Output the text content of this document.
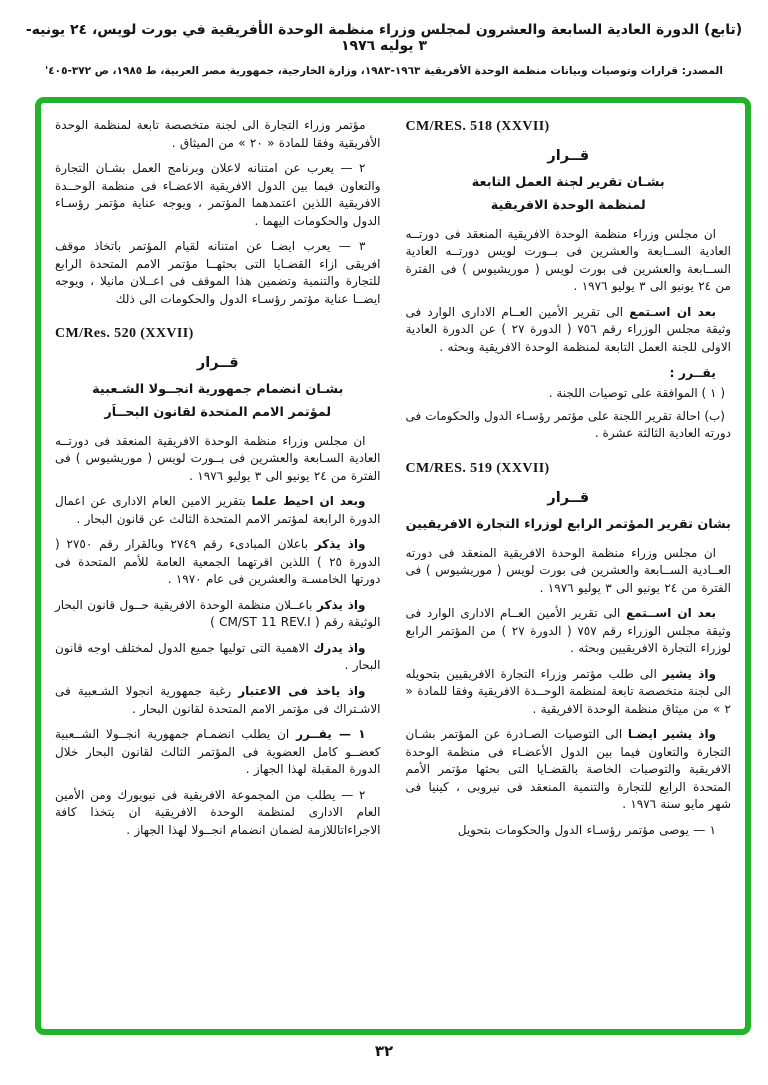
(تابع) الدورة العادية السابعة والعشرون لمجلس وزراء منظمة الوحدة الأفريقية في بورت لويس، ٢٤ يونيه- ٣ يوليه ١٩٧٦
المصدر: قرارات وتوصيات وبيانات منظمة الوحدة الأفريقية ١٩٦٣-١٩٨٣، وزارة الخارجية، جمهورية مصر العربية، ط ١٩٨٥، ص ٣٧٢-٤٠٥'
CM/RES. 518 (XXVII)
قــرار
بشـان تقرير لجنة العمل التابعة
لمنظمة الوحدة الافريقية
ان مجلس وزراء منظمة الوحدة الافريقية المنعقد فى دورتــه العادية الســابعة والعشرين فى بــورت لويس دورتــه العادية الســابعة والعشرين فى بورت لويس ( موريشيوس ) فى الفترة من ٢٤ يونيو الى ٣ يوليو ١٩٧٦ .
بعد ان اسـتمع الى تقرير الأمين العــام الادارى الوارد فى وثيقة مجلس الوزراء رقم ٧٥٦ ( الدورة ٢٧ ) عن الدورة العادية الاولى للجنة العمل التابعة لمنظمة الوحدة الافريقية وبحثه .
يقــرر :
( ١ ) الموافقة على توصيات اللجنة .
(ب) احالة تقرير اللجنة على مؤتمر رؤسـاء الدول والحكومات فى دورته العادية الثالثة عشرة .
CM/RES. 519 (XXVII)
قــرار
بشان تقرير المؤتمر الرابع لوزراء التجارة الافريقيين
ان مجلس وزراء منظمة الوحدة الافريقية المنعقد فى دورته العــادية الســابعة والعشرين فى بورت لويس ( موريشيوس ) فى الفترة من ٢٤ يونيو الى ٣ يوليو ١٩٧٦ .
بعد ان اســتمع الى تقرير الأمين العــام الادارى الوارد فى وثيقة مجلس الوزراء رقم ٧٥٧ ( الدورة ٢٧ ) من المؤتمر الرابع لوزراء التجارة الافريقيين وبحثه .
واذ يشير الى طلب مؤتمر وزراء التجارة الافريقيين بتحويله الى لجنة متخصصة تابعة لمنظمة الوحــدة الافريقية وفقا للمادة « ٢ » من ميثاق منظمة الوحدة الافريقية .
واذ يشير ايضـا الى التوصيات الصـادرة عن المؤتمر بشـان التجارة والتعاون فيما بين الدول الأعضـاء فى منظمة الوحدة الافريقية والتوصيات الخاصة بالقضـايا التى بحثها مؤتمر الأمم المتحدة الرابع للتجارة والتنمية المنعقد فى نيروبى ، كينيا فى شهر مايو سنة ١٩٧٦ .
١ — يوصى مؤتمر رؤسـاء الدول والحكومات بتحويل
مؤتمر وزراء التجارة الى لجنة متخصصة تابعة لمنظمة الوحدة الأفريقية وفقا للمادة « ٢٠ » من الميثاق .
٢ — يعرب عن امتنانه لاعلان وبرنامج العمل بشـان التجارة والتعاون فيما بين الدول الافريقية الاعضـاء فى منظمة الوحــدة الافريقية اللذين اعتمدهما المؤتمر ، ويوجه عناية مؤتمر رؤسـاء الدول والحكومات اليهما .
٣ — يعرب ايضـا عن امتنانه لقيام المؤتمر باتخاذ موقف افريقى ازاء القضـايا التى بحثهــا مؤتمر الامم المتحدة الرابع للتجارة والتنمية وتضمين هذا الموقف فى اعــلان مانيلا ، ويوجه ايضــا عناية مؤتمر رؤسـاء الدول والحكومات الى ذلك
CM/Res. 520 (XXVII)
قــرار
بشـان انضمام جمهورية انجــولا الشـعبية
لمؤتمر الامم المتحدة لقانون البحــاَر
ان مجلس وزراء منظمة الوحدة الافريقية المنعقد فى دورتــه العادية السـابعة والعشرين فى بــورت لويس ( موريشيوس ) فى الفترة من ٢٤ يونيو الى ٣ يوليو ١٩٧٦ .
وبعد ان احيط علما بتقرير الامين العام الادارى عن اعمال الدورة الرابعة لمؤتمر الامم المتحدة الثالث عن قانون البحار .
واذ يذكر باعلان المبادىء رقم ٢٧٤٩ وبالقرار رقم ٢٧٥٠ ( الدورة ٢٥ ) اللذين اقرتهما الجمعية العامة للأمم المتحدة فى دورتها الخامسـة والعشرين فى عام ١٩٧٠ .
واذ يذكر باعــلان منظمة الوحدة الافريقية حــول قانون البحار الوثيقة رقم ( CM/ST 11 REV.I )
واذ يدرك الاهمية التى توليها جميع الدول لمختلف اوجه قانون البحار .
واذ ياخذ فى الاعتبار رغبة جمهورية انجولا الشـعبية فى الاشـتراك فى مؤتمر الامم المتحدة لقانون البحار .
١ — يقــرر ان يطلب انضمـام جمهورية انجــولا الشــعبية كعضــو كامل العضوية فى المؤتمر الثالث لقانون البحار خلال الدورة المقبلة لهذا الجهاز .
٢ — يطلب من المجموعة الافريقية فى نيويورك ومن الأمين العام الادارى لمنظمة الوحدة الافريقية ان يتخذا كافة الاجراءاتاللازمة لضمان انضمام انجــولا لهذا الجهاز .
٣٢
